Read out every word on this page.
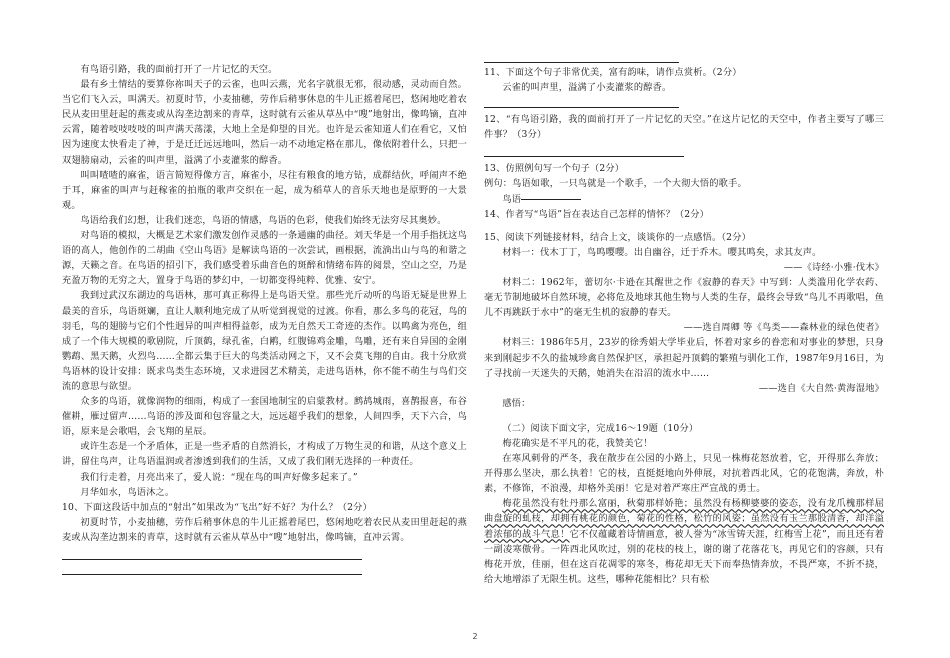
有鸟语引路，我的面前打开了一片记忆的天空。

最有乡土情结的要算你祢叫天子的云雀，也叫云燕，光名字就很无邪，很动感，灵动而自然。当它们飞入云，叫满天。初夏时节，小麦抽穗，劳作后稍事休息的牛儿正摇着尾巴，悠闲地吃着农民从麦田里赶起的燕麦或从沟垄边割来的青草，这时就有云雀从草丛中“嗖”地射出，像鸣镝，直冲云霄，随着吱吱吱吱的叫声满天荡漾，大地上全是仰望的目光。也许是云雀知道人们在看它，又怕因为速度太快看走了神，于是迁迁远远地叫，然后一动不动地定格在那儿，像依附着什么，只把一双翅膀扇动，云雀的叫声里，溢满了小麦灌浆的醇香。

叫叫喳喳的麻雀，语言简短得像方言，麻雀小，尽往有粮食的地方钻，成群结伙，呼闹声不绝于耳，麻雀的叫声与赶稼雀的拍瓶的歌声交织在一起，成为稻草人的音乐天地也是原野的一大景观。

鸟语给我们幻想，让我们迷恋，鸟语的情感，鸟语的色彩，使我们始终无法穷尽其奥妙。

对鸟语的模拟，大概是艺术家们激发创作灵感的一条通幽的曲径。刘天华是一个用手指抚这鸟语的高人，他创作的二胡曲《空山鸟语》是解读鸟语的一次尝试，画根据，流淌出山与鸟的和谐之源，天籁之音。在鸟语的招引下，我们感受着乐曲音色的斑醉和情绪布阵的阅景，空山之空，乃是充盈万物的无穷之大，置身于鸟语的梦幻中，一切都变得纯粹、优雅、安宁。

我到过武汉东湖边的鸟语林，那可真正称得上是鸟语天堂。那些光斤动听的鸟语无疑是世界上最美的音乐，鸟语斑斓，直让人顺利地完成了从听觉到视觉的过渡。你看，那么多鸟的花冠，鸟的羽毛，鸟的翅膀与它们个性迥异的叫声相得益彰，成为无自然天工奇迹的杰作。以鸣禽为亮色，组成了一个伟大规模的歌剧院，斤顶鹤，绿孔雀，白鹇，红腹锦鸡金雕，鸟雕，还有来自异国的金刚鹦鹉、黑天鹅，火烈鸟……全都云集于巨大的鸟类活动网之下，又不会莫飞翔的自由。我十分欣赏鸟语林的设计安排：既求鸟类生态环境，又求进园艺术精美，走进鸟语林，你不能不萌生与鸟们交流的意思与欲望。

众多的鸟语，就像润物的细雨，构成了一套国地制宝的启蒙教材。鹧鸪城雨，喜鹊报喜，布谷催耕，雁过留声……鸟语的涉及面和包容量之大，远远超乎我们的想象，人间四季，天下六合，鸟语，原来是会歌唱，会飞翔的星辰。

或许生态是一个矛盾体，正是一些矛盾的自然消长，才构成了万物生灵的和谐，从这个意义上讲，留住鸟声，让鸟语温润或者渗透到我们的生活，又成了我们刚无选择的一种责任。

我们行走着，月亮出来了，爱人说：“现在鸟的叫声好像多起来了。”

月华如水，鸟语沐之。

10、下面这段话中加点的“射出”如果改为“飞出”好不好？为什么？（2分）

初夏时节，小麦抽穗，劳作后稍事休息的牛儿正摇着尾巴，悠闲地吃着农民从麦田里赶起的燕麦或从沟垄边割来的青草，这时就有云雀从草丛中“嗖”地射出，像鸣镝，直冲云霄。

11、下面这个句子非常优美，富有韵味，请作点赏析。（2分）

云雀的叫声里，溢满了小麦灌浆的醇香。

12、“有鸟语引路，我的面前打开了一片记忆的天空。”在这片记忆的天空中，作者主要写了哪三件事？（3分）

13、仿照例句写一个句子（2分）

例句：鸟语如歌，一只鸟就是一个歌手，一个大彻大悟的歌手。

鸟语

14、作者写“鸟语”旨在表达自己怎样的情怀？（2分）

15、阅读下列链接材料，结合上文，谈谈你的一点感悟。（2分）

材料一：伐木丁丁，鸟鸣嘤嘤。出自幽谷，迁于乔木。嘤其鸣矣，求其友声。

——《诗经·小雅·伐木》

材料二：1962年，蕾切尔·卡逊在其醒世之作《寂静的春天》中写到：人类滥用化学农药、毫无节制地破坏自然环境，必将危及地球其他生物与人类的生存，最终会导致“鸟儿不再歌唱，鱼儿不再跳跃于水中”的毫无生机的寂静的春天。

——选自周卿 等《鸟类——森林业的绿色使者》

材料三：1986年5月，23岁的徐秀娟大学毕业后，怀着对家乡的眷恋和对事业的梦想，只身来到刚起步不久的盐城珍禽自然保护区，承担起丹顶鹤的繁殖与驯化工作，1987年9月16日，为了寻找前一天迷失的天鹅，她消失在沿沼的流水中……

——选自《大自然·黄海湿地》

感悟：

（二）阅读下面文字，完成16～19题（10分）

梅花确实是不平凡的花，我赞美它！

在寒风刺骨的严冬，我在散步在公园的小路上，只见一株梅花怒放着，它，开得那么奔放；开得那么坚决，那么执着！它的枝，直挺挺地向外伸展，对抗着西北风，它的花饱满，奔放，朴素，不修饰，不浪漫，却格外美丽！它是对着严寒庄严宣战的勇士。

梅花虽然没有牡丹那么富丽，秋菊那样娇艳；虽然没有杨柳婆婆的姿态，没有龙爪槐那样屈曲盘旋的虬枝，却拥有桃花的颜色，菊花的性格，松竹的风姿；虽然没有玉兰那股清香，却洋溢着浓郁的战斗气息！它不仅蕴藏着诗情画意，被人誉为“冰雪铸天涯，红梅雪上花”，而且还有着一副凌寒傲骨。一阵西北风吹过，别的花枝的枝上，谢的谢了花落花飞，再见它们的容颜，只有梅花开放，佳丽，但在这百花凋零的寒冬，梅花却无天下而奉热情奔放，不畏严寒，不折不挠，给大地增添了无限生机。这些，哪种花能相比？只有松

2
